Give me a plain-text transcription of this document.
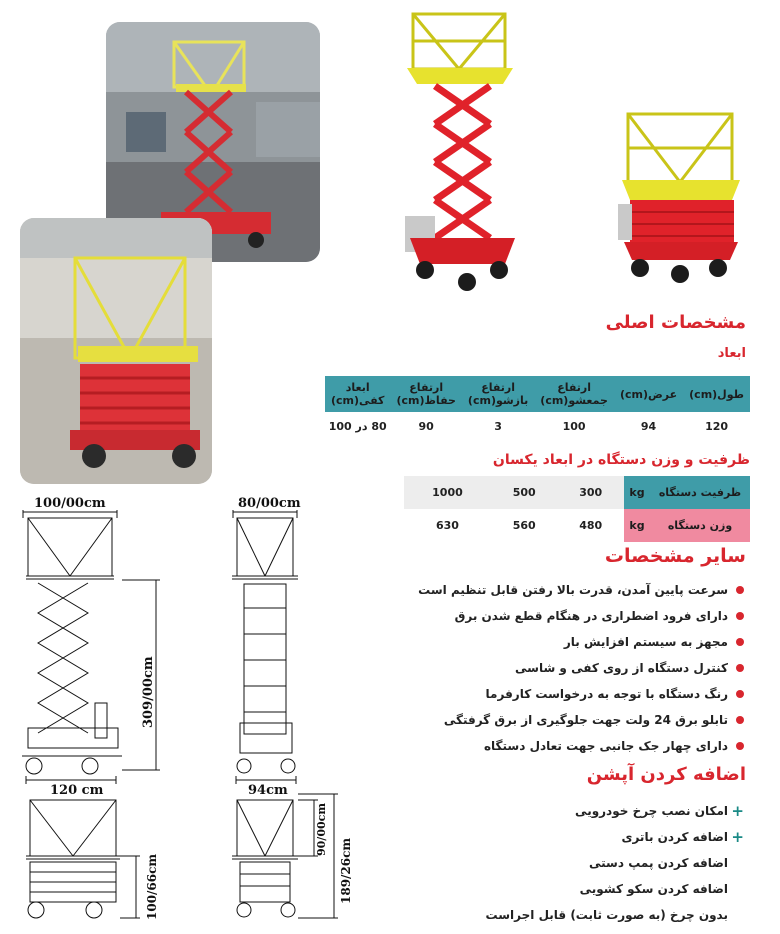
100/00cm	80/00cm
309/00cm
120 cm	94cm
100/66cm
90/00cm
189/26cm
مشخصات اصلی
ابعاد
طول(cm)	عرض(cm)	ارتفاع جمعشو(cm)	ارتفاع بازشو(cm)	ارتفاع حفاظ(cm)	ابعاد کفی(cm)
120	94	100	3	90	80 در 100
ظرفیت و وزن دستگاه در ابعاد یکسان
ظرفیت دستگاه	kg	300	500	1000
وزن دستگاه	kg	480	560	630
سایر مشخصات
سرعت پایین آمدن، قدرت بالا رفتن قابل تنظیم است
دارای فرود اضطراری در هنگام قطع شدن برق
مجهز به سیستم افزایش بار
کنترل دستگاه از روی کفی و شاسی
رنگ دستگاه با توجه به درخواست کارفرما
تابلو برق 24 ولت جهت جلوگیری از برق گرفتگی
دارای چهار جک جانبی جهت تعادل دستگاه
اضافه کردن آپشن
+
امکان نصب چرخ خودرویی
+
اضافه کردن باتری
اضافه کردن پمپ دستی
اضافه کردن سکو کشویی
بدون چرخ (به صورت ثابت) قابل اجراست
